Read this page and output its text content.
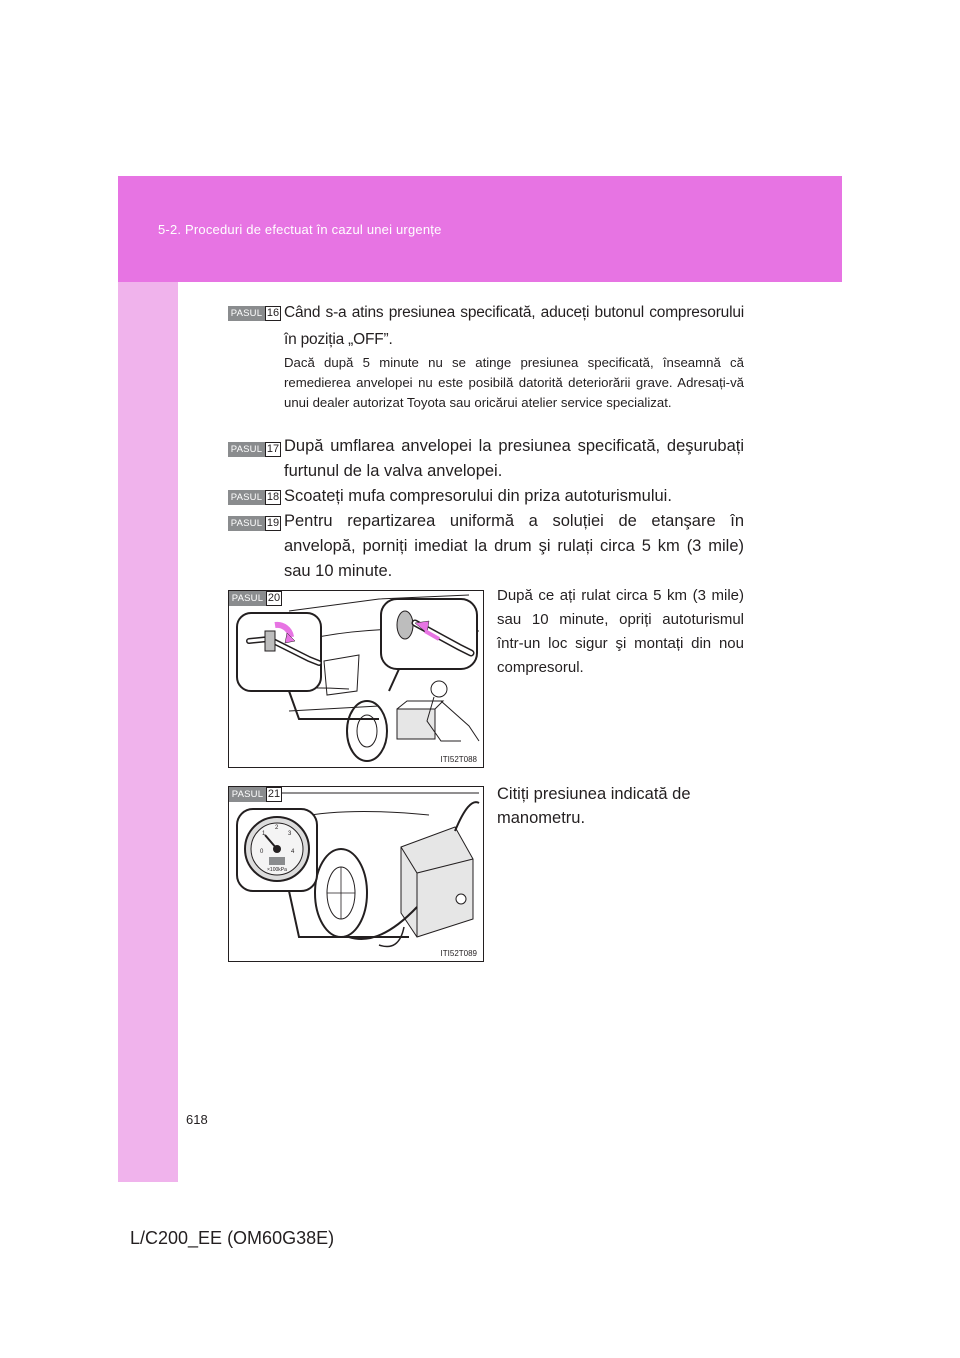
5-2. Proceduri de efectuat în cazul unei urgențe
PASUL 16 Când s-a atins presiunea specificată, aduceți butonul compresorului în poziția „OFF”.
Dacă după 5 minute nu se atinge presiunea specificată, înseamnă că remedierea anvelopei nu este posibilă datorită deteriorării grave. Adresați-vă unui dealer autorizat Toyota sau oricărui atelier service specializat.
PASUL 17 După umflarea anvelopei la presiunea specificată, deşurubați furtunul de la valva anvelopei.
PASUL 18 Scoateți mufa compresorului din priza autoturismului.
PASUL 19 Pentru repartizarea uniformă a soluției de etanşare în anvelopă, porniți imediat la drum şi rulați circa 5 km (3 mile) sau 10 minute.
PASUL 20
ITI52T088
După ce ați rulat circa 5 km (3 mile) sau 10 minute, opriți autoturismul într-un loc sigur şi montați din nou compresorul.
0
1
2
3
4
×100kPa
PASUL 21
ITI52T089
Citiți presiunea indicată de manometru.
618
L/C200_EE (OM60G38E)
